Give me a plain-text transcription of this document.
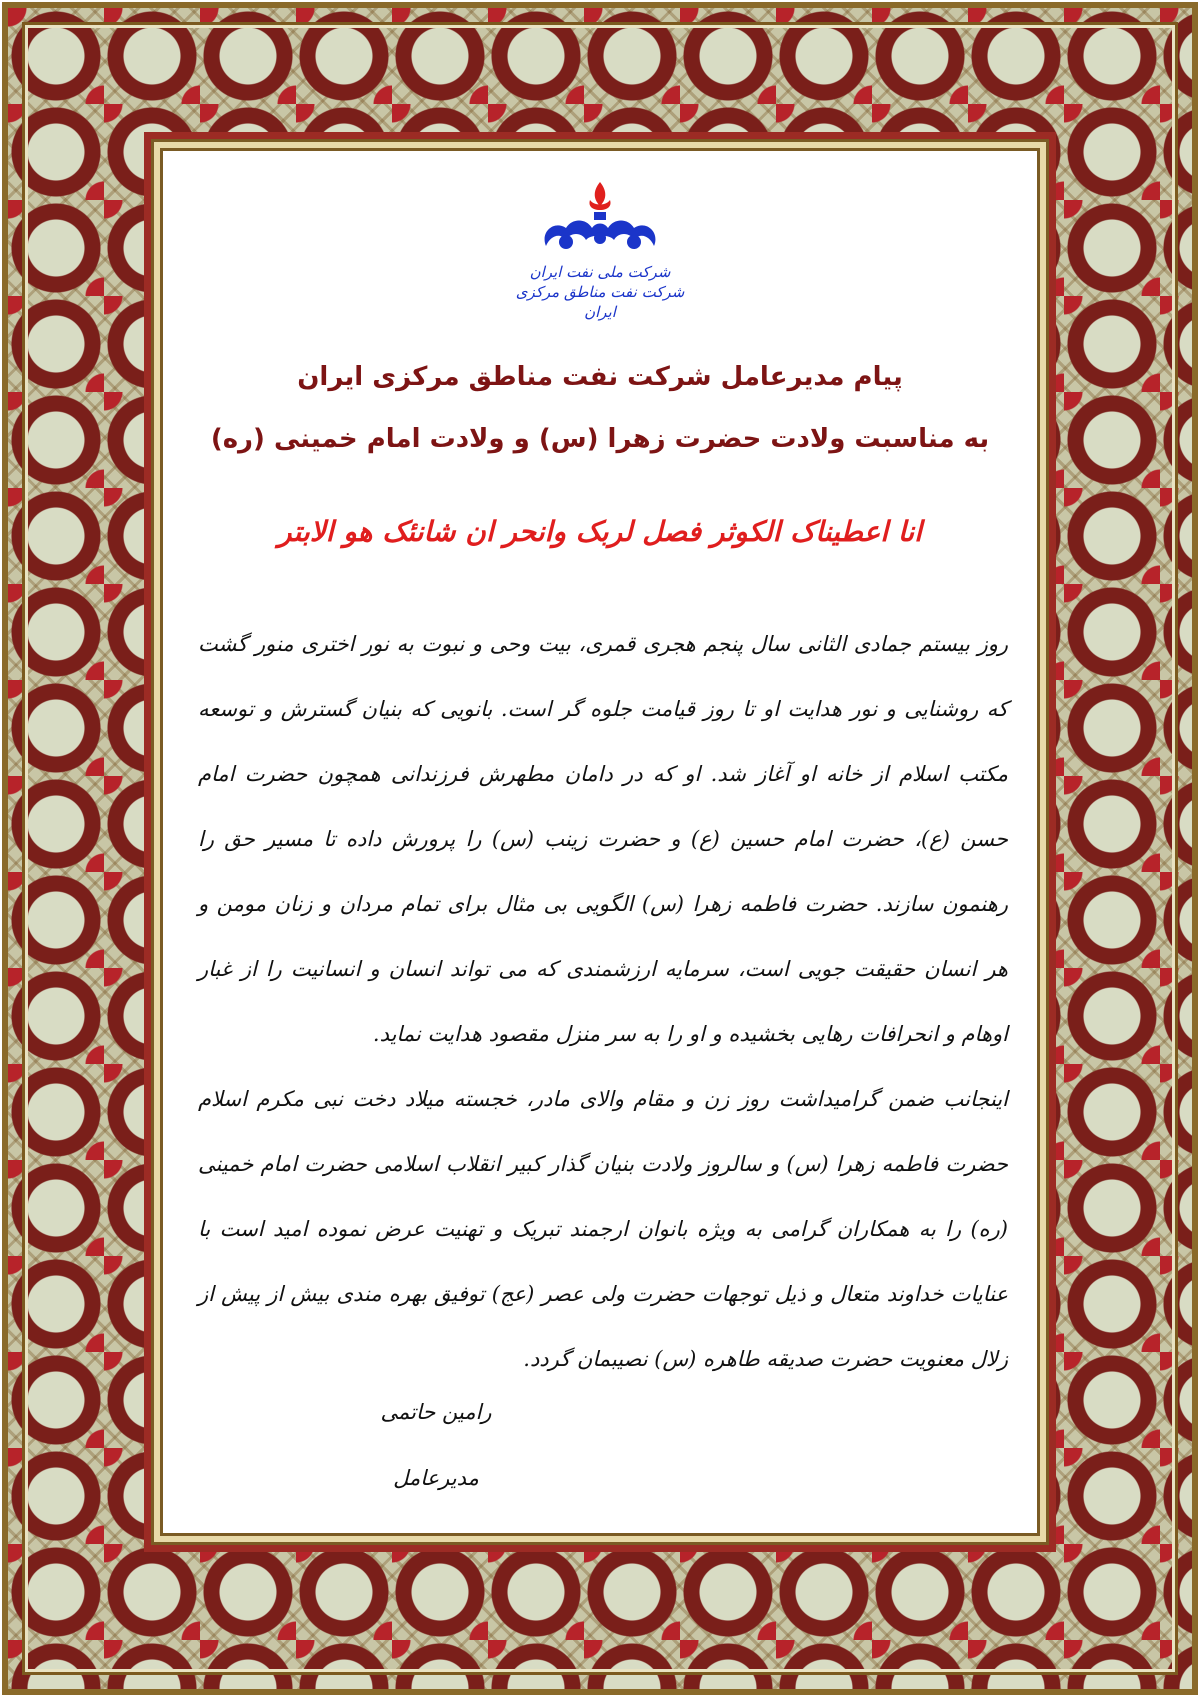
شرکت ملی نفت ایران
شرکت نفت مناطق مرکزی ایران
پیام مدیرعامل شرکت نفت مناطق مرکزی ایران
به مناسبت ولادت حضرت زهرا (س) و ولادت امام خمینی (ره)
انا اعطیناک الکوثر فصل لربک وانحر ان شانئک هو الابتر

روز بیستم جمادی الثانی سال پنجم هجری قمری، بیت وحی و نبوت به نور اختری منور گشت که روشنایی و نور هدایت او تا روز قیامت جلوه گر است. بانویی که بنیان گسترش و توسعه مکتب اسلام از خانه او آغاز شد. او که در دامان مطهرش فرزندانی همچون حضرت امام حسن (ع)، حضرت امام حسین (ع) و حضرت زینب (س) را پرورش داده تا مسیر حق را رهنمون سازند. حضرت فاطمه زهرا (س) الگویی بی مثال برای تمام مردان و زنان مومن و هر انسان حقیقت جویی است، سرمایه ارزشمندی که می تواند انسان و انسانیت را از غبار اوهام و انحرافات رهایی بخشیده و او را به سر منزل مقصود هدایت نماید.

اینجانب ضمن گرامیداشت روز زن و مقام والای مادر، خجسته میلاد دخت نبی مکرم اسلام حضرت فاطمه زهرا (س) و سالروز ولادت بنیان گذار کبیر انقلاب اسلامی حضرت امام خمینی (ره) را به همکاران گرامی به ویژه بانوان ارجمند تبریک و تهنیت عرض نموده امید است با عنایات خداوند متعال و ذیل توجهات حضرت ولی عصر (عج) توفیق بهره مندی بیش از پیش از زلال معنویت حضرت صدیقه طاهره (س) نصیبمان گردد.

رامین حاتمی
مدیرعامل
